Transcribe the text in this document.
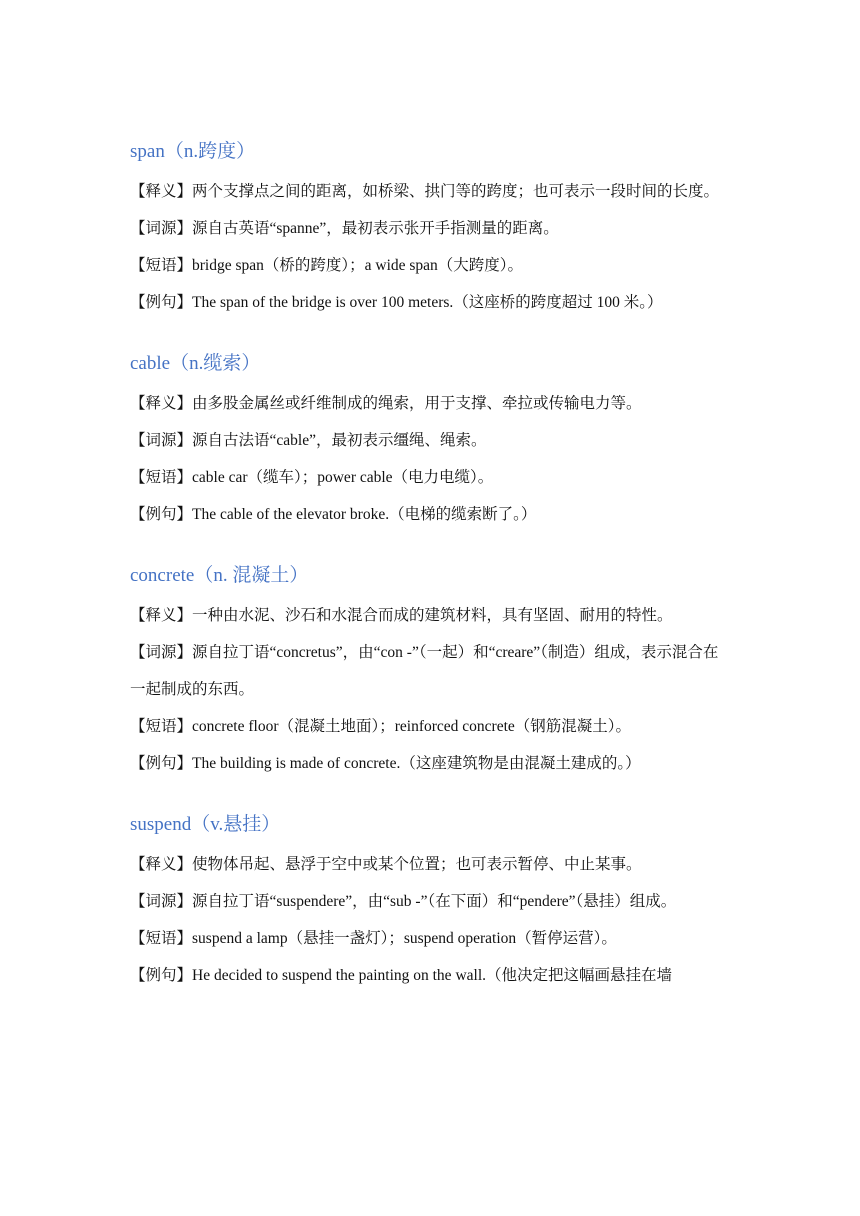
span（n.跨度）
【释义】两个支撑点之间的距离，如桥梁、拱门等的跨度；也可表示一段时间的长度。
【词源】源自古英语“spanne”，最初表示张开手指测量的距离。
【短语】bridge span（桥的跨度）；a wide span（大跨度）。
【例句】The span of the bridge is over 100 meters.（这座桥的跨度超过 100 米。）
cable（n.缆索）
【释义】由多股金属丝或纤维制成的绳索，用于支撑、牵拉或传输电力等。
【词源】源自古法语“cable”，最初表示缰绳、绳索。
【短语】cable car（缆车）；power cable（电力电缆）。
【例句】The cable of the elevator broke.（电梯的缆索断了。）
concrete（n. 混凝土）
【释义】一种由水泥、沙石和水混合而成的建筑材料，具有坚固、耐用的特性。
【词源】源自拉丁语“concretus”，由“con -”（一起）和“creare”（制造）组成，表示混合在一起制成的东西。
【短语】concrete floor（混凝土地面）；reinforced concrete（钢筋混凝土）。
【例句】The building is made of concrete.（这座建筑物是由混凝土建成的。）
suspend（v.悬挂）
【释义】使物体吊起、悬浮于空中或某个位置；也可表示暂停、中止某事。
【词源】源自拉丁语“suspendere”，由“sub -”（在下面）和“pendere”（悬挂）组成。
【短语】suspend a lamp（悬挂一盏灯）；suspend operation（暂停运营）。
【例句】He decided to suspend the painting on the wall.（他决定把这幅画悬挂在墙
